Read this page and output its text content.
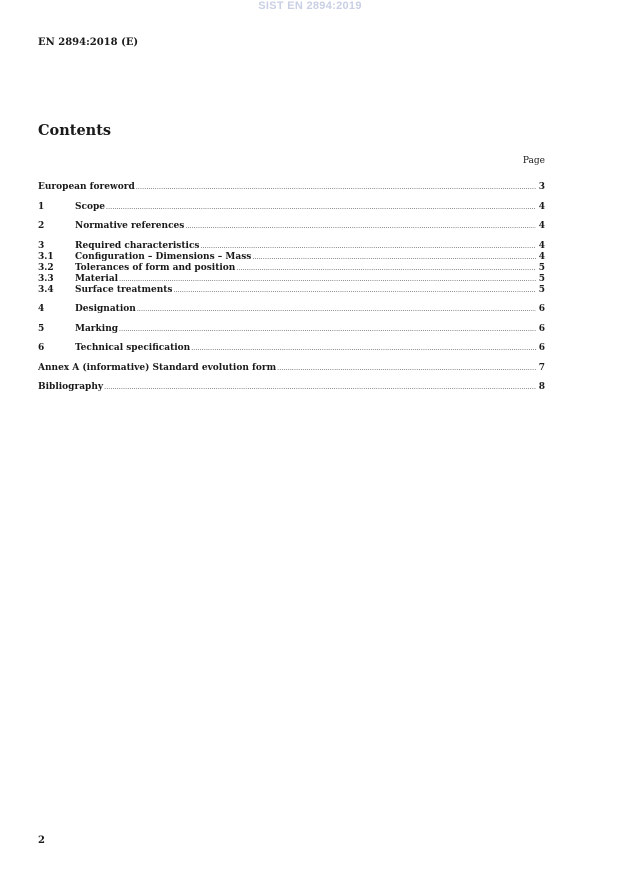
SIST EN 2894:2019
EN 2894:2018 (E)
Contents
Page
European foreword .....	3
1	Scope .....	4
2	Normative references .....	4
3	Required characteristics .....	4
3.1	Configuration – Dimensions – Mass .....	4
3.2	Tolerances of form and position .....	5
3.3	Material .....	5
3.4	Surface treatments .....	5
4	Designation .....	6
5	Marking .....	6
6	Technical specification .....	6
Annex A (informative) Standard evolution form .....	7
Bibliography .....	8
2
